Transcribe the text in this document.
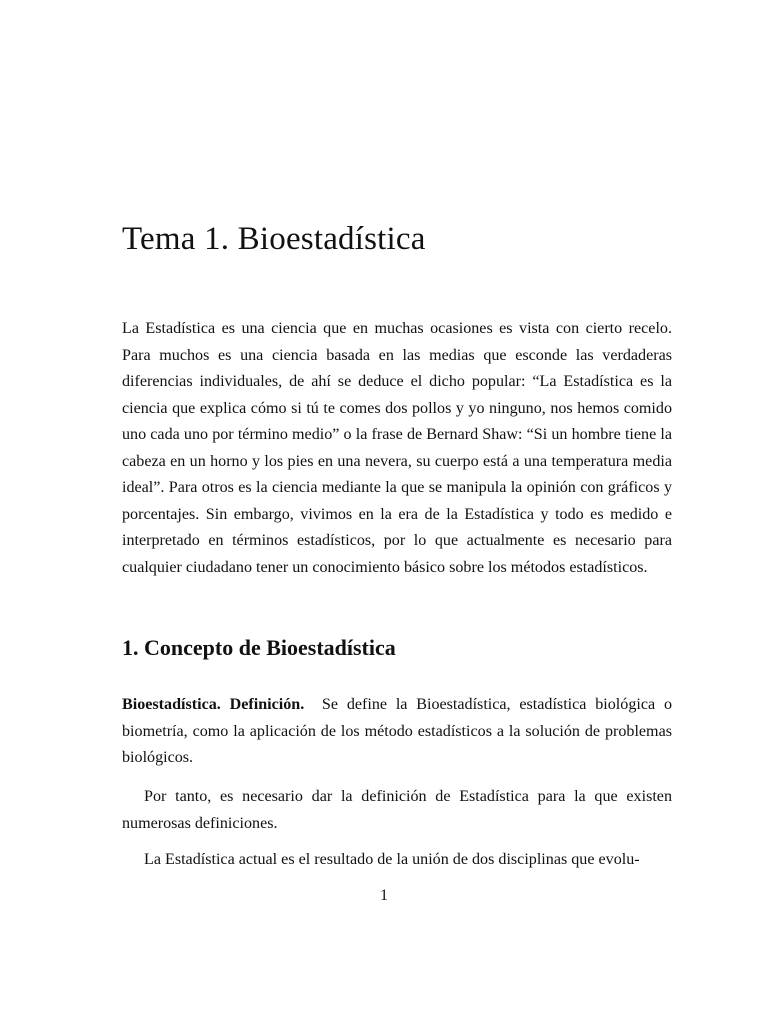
Tema 1. Bioestadística

La Estadística es una ciencia que en muchas ocasiones es vista con cierto recelo. Para muchos es una ciencia basada en las medias que esconde las verdaderas diferencias individuales, de ahí se deduce el dicho popular: “La Estadística es la ciencia que explica cómo si tú te comes dos pollos y yo ninguno, nos hemos comido uno cada uno por término medio” o la frase de Bernard Shaw: “Si un hombre tiene la cabeza en un horno y los pies en una nevera, su cuerpo está a una temperatura media ideal”. Para otros es la ciencia mediante la que se manipula la opinión con gráficos y porcentajes. Sin embargo, vivimos en la era de la Estadística y todo es medido e interpretado en términos estadísticos, por lo que actualmente es necesario para cualquier ciudadano tener un conocimiento básico sobre los métodos estadísticos.

1. Concepto de Bioestadística

Bioestadística. Definición. Se define la Bioestadística, estadística biológica o biometría, como la aplicación de los método estadísticos a la solución de problemas biológicos.

Por tanto, es necesario dar la definición de Estadística para la que existen numerosas definiciones.

La Estadística actual es el resultado de la unión de dos disciplinas que evolu-

1
